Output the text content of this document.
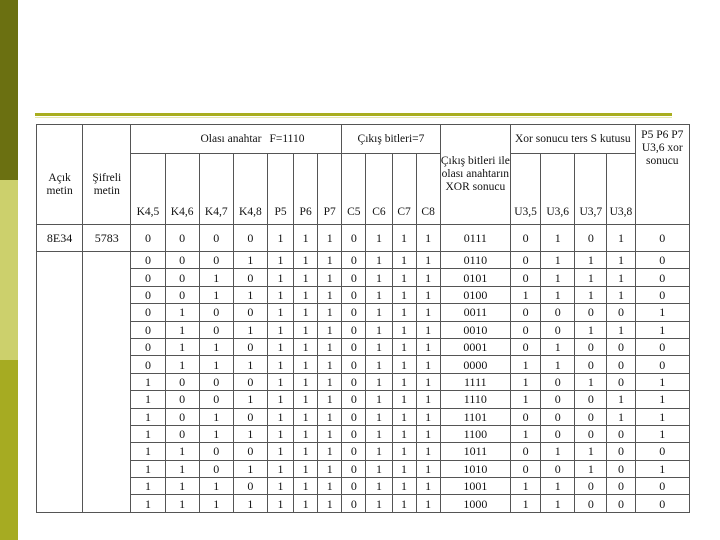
Açık metin	Şifreli metin	Olası anahtar				F=1110			Çıkış bitleri=7				Çıkış bitleri ile olası anahtarın XOR sonucu	Xor sonucu ters S kutusu				P5 P6 P7 U3,6 xor sonucu
		K4,5	K4,6	K4,7	K4,8	P5	P6	P7	C5	C6	C7	C8		U3,5	U3,6	U3,7	U3,8	
8E34	5783	0	0	0	0	1	1	1	0	1	1	1	0111	0	1	0	1	0
		0	0	0	1	1	1	1	0	1	1	1	0110	0	1	1	1	0
		0	0	1	0	1	1	1	0	1	1	1	0101	0	1	1	1	0
		0	0	1	1	1	1	1	0	1	1	1	0100	1	1	1	1	0
		0	1	0	0	1	1	1	0	1	1	1	0011	0	0	0	0	1
		0	1	0	1	1	1	1	0	1	1	1	0010	0	0	1	1	1
		0	1	1	0	1	1	1	0	1	1	1	0001	0	1	0	0	0
		0	1	1	1	1	1	1	0	1	1	1	0000	1	1	0	0	0
		1	0	0	0	1	1	1	0	1	1	1	1111	1	0	1	0	1
		1	0	0	1	1	1	1	0	1	1	1	1110	1	0	0	1	1
		1	0	1	0	1	1	1	0	1	1	1	1101	0	0	0	1	1
		1	0	1	1	1	1	1	0	1	1	1	1100	1	0	0	0	1
		1	1	0	0	1	1	1	0	1	1	1	1011	0	1	1	0	0
		1	1	0	1	1	1	1	0	1	1	1	1010	0	0	1	0	1
		1	1	1	0	1	1	1	0	1	1	1	1001	1	1	0	0	0
		1	1	1	1	1	1	1	0	1	1	1	1000	1	1	0	0	0
